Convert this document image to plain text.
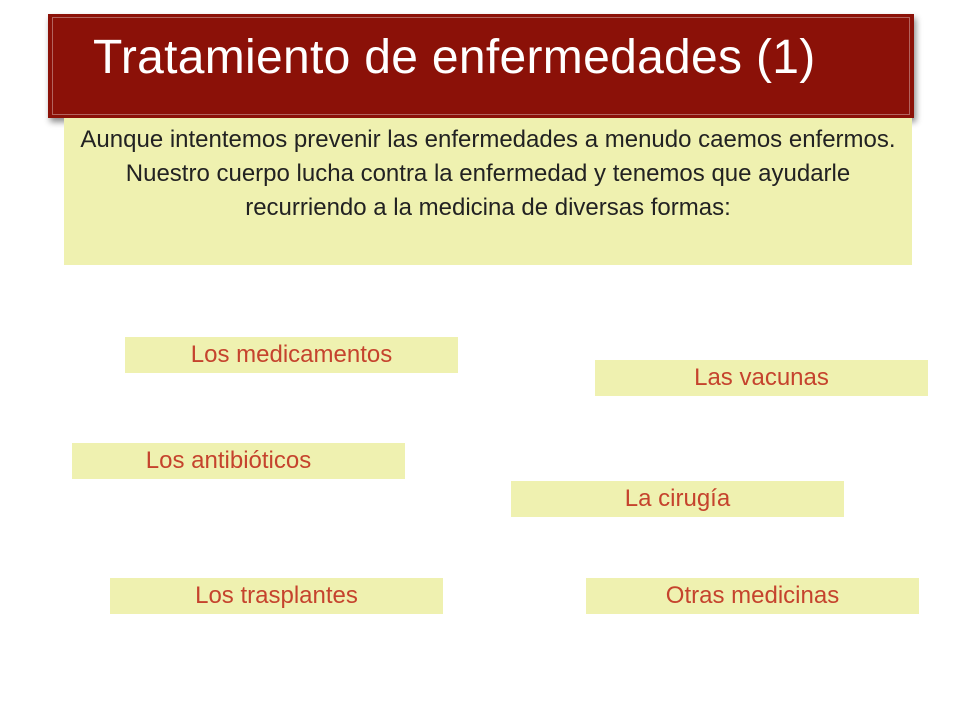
Tratamiento de enfermedades (1)
Aunque intentemos prevenir las enfermedades a menudo caemos enfermos. Nuestro cuerpo lucha contra la enfermedad y tenemos que ayudarle recurriendo a la medicina de diversas formas:
Los medicamentos
Las vacunas
Los antibióticos
La cirugía
Los trasplantes	Otras medicinas
